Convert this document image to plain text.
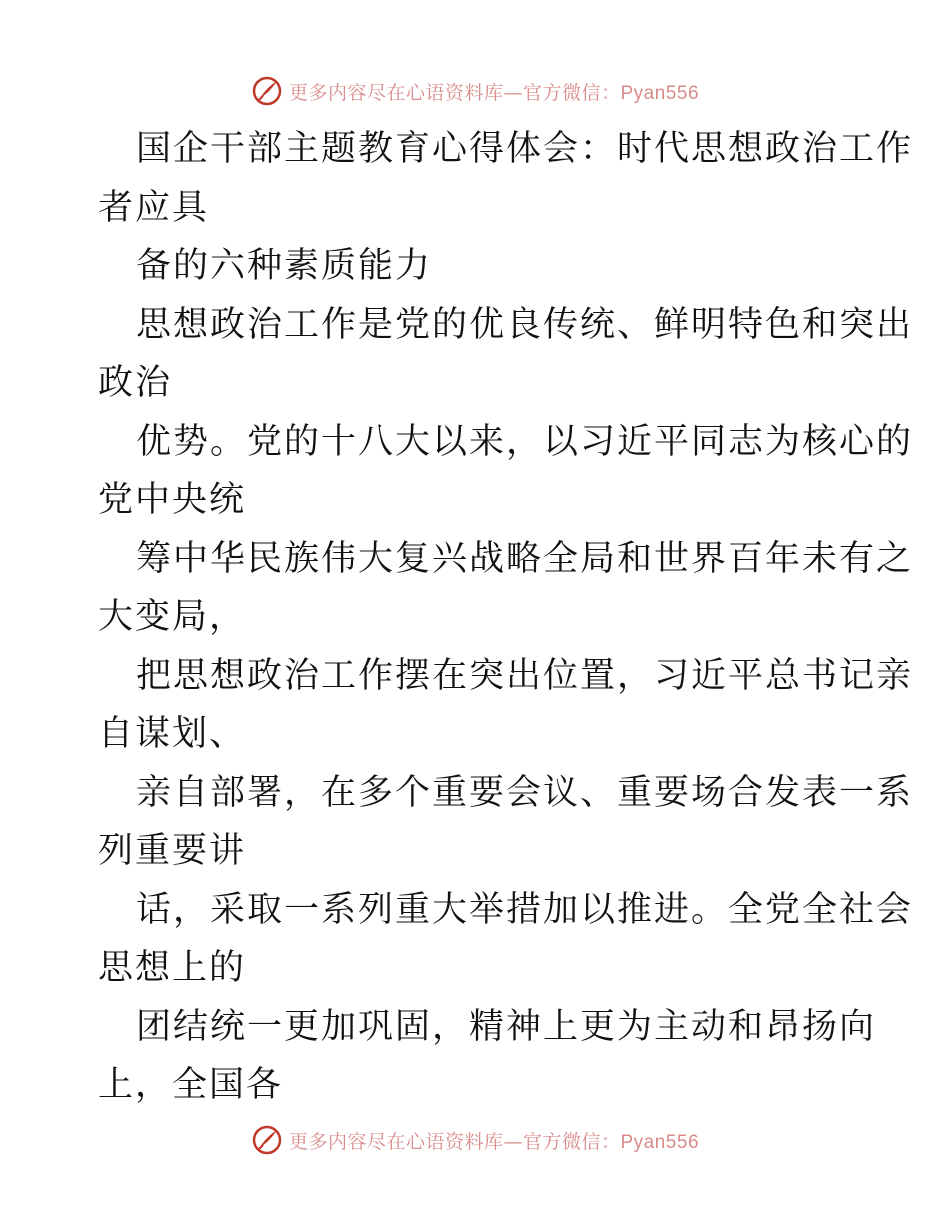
更多内容尽在心语资料库—官方微信：Pyan556
国企干部主题教育心得体会：时代思想政治工作
者应具
备的六种素质能力
思想政治工作是党的优良传统、鲜明特色和突出
政治
优势。党的十八大以来，以习近平同志为核心的
党中央统
筹中华民族伟大复兴战略全局和世界百年未有之
大变局，
把思想政治工作摆在突出位置，习近平总书记亲
自谋划、
亲自部署，在多个重要会议、重要场合发表一系
列重要讲
话，采取一系列重大举措加以推进。全党全社会
思想上的
团结统一更加巩固，精神上更为主动和昂扬向
上，全国各
更多内容尽在心语资料库—官方微信：Pyan556
